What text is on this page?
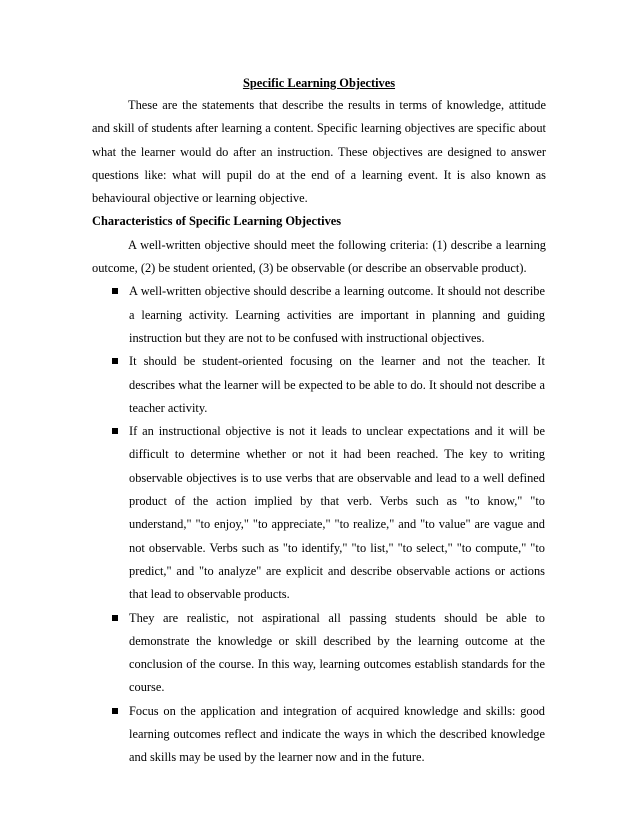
Specific Learning Objectives

These are the statements that describe the results in terms of knowledge, attitude and skill of students after learning a content. Specific learning objectives are specific about what the learner would do after an instruction. These objectives are designed to answer questions like: what will pupil do at the end of a learning event. It is also known as behavioural objective or learning objective.

Characteristics of Specific Learning Objectives

A well-written objective should meet the following criteria: (1) describe a learning outcome, (2) be student oriented, (3) be observable (or describe an observable product).

A well-written objective should describe a learning outcome. It should not describe a learning activity. Learning activities are important in planning and guiding instruction but they are not to be confused with instructional objectives.
It should be student-oriented focusing on the learner and not the teacher. It describes what the learner will be expected to be able to do. It should not describe a teacher activity.
If an instructional objective is not it leads to unclear expectations and it will be difficult to determine whether or not it had been reached. The key to writing observable objectives is to use verbs that are observable and lead to a well defined product of the action implied by that verb. Verbs such as "to know," "to understand," "to enjoy," "to appreciate," "to realize," and "to value" are vague and not observable. Verbs such as "to identify," "to list," "to select," "to compute," "to predict," and "to analyze" are explicit and describe observable actions or actions that lead to observable products.
They are realistic, not aspirational all passing students should be able to demonstrate the knowledge or skill described by the learning outcome at the conclusion of the course. In this way, learning outcomes establish standards for the course.
Focus on the application and integration of acquired knowledge and skills: good learning outcomes reflect and indicate the ways in which the described knowledge and skills may be used by the learner now and in the future.
